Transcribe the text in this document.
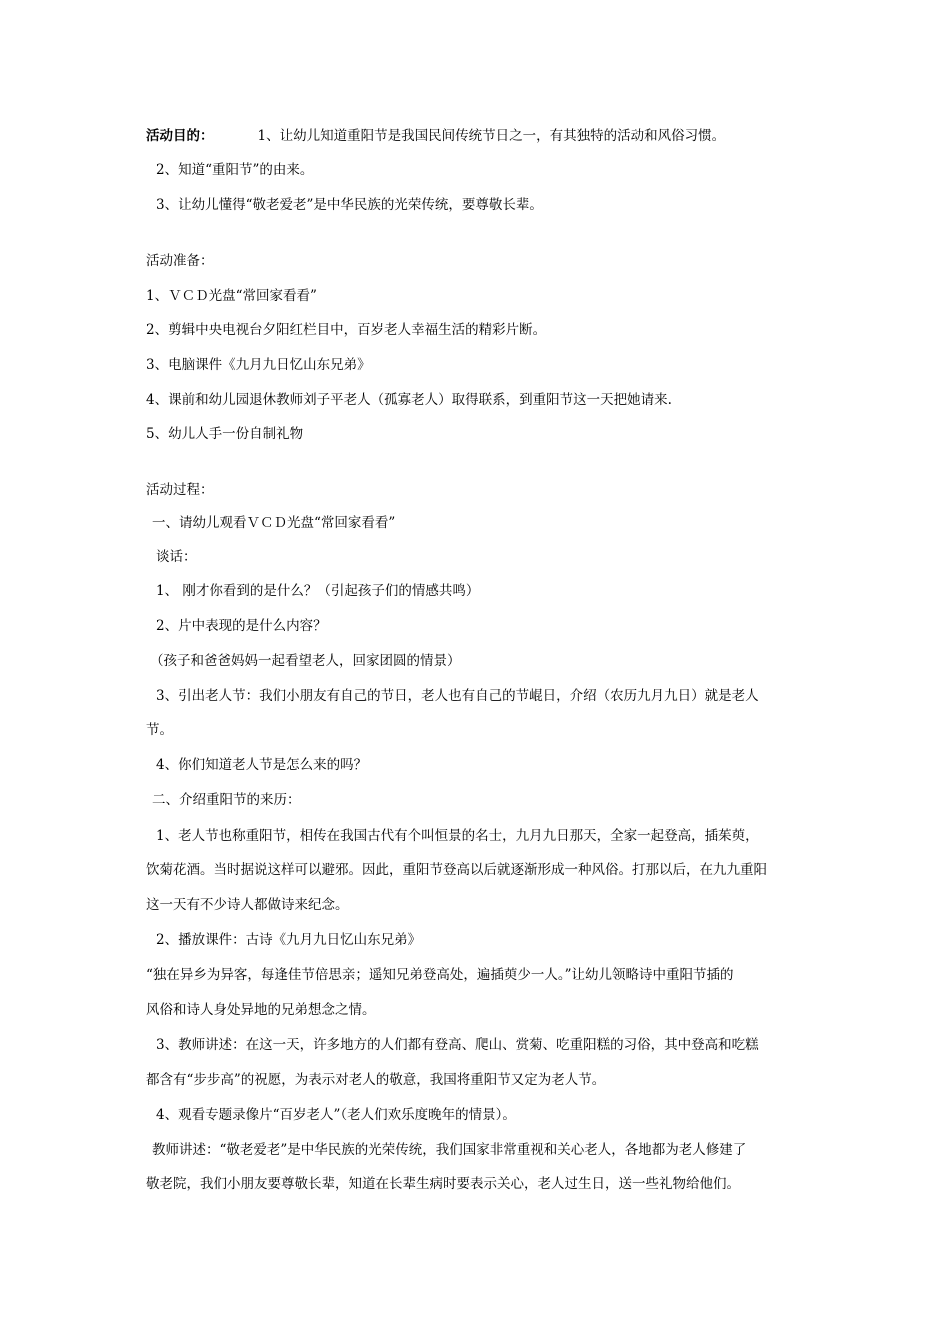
活动目的：	1、让幼儿知道重阳节是我国民间传统节日之一，有其独特的活动和风俗习惯。
2、知道“重阳节”的由来。
3、让幼儿懂得“敬老爱老”是中华民族的光荣传统，要尊敬长辈。
活动准备：
1、ＶＣＤ光盘“常回家看看”
2、剪辑中央电视台夕阳红栏目中，百岁老人幸福生活的精彩片断。
3、电脑课件《九月九日忆山东兄弟》
4、课前和幼儿园退休教师刘子平老人（孤寡老人）取得联系，到重阳节这一天把她请来.
5、幼儿人手一份自制礼物
活动过程：
一、请幼儿观看ＶＣＤ光盘“常回家看看”
谈话：
1、 刚才你看到的是什么？（引起孩子们的情感共鸣）
2、片中表现的是什么内容？
（孩子和爸爸妈妈一起看望老人，回家团圆的情景）
3、引出老人节：我们小朋友有自己的节日，老人也有自己的节崐日，介绍（农历九月九日）就是老人
节。
4、你们知道老人节是怎么来的吗？
二、介绍重阳节的来历：
1、老人节也称重阳节，相传在我国古代有个叫恒景的名士，九月九日那天，全家一起登高，插茱萸，
饮菊花酒。当时据说这样可以避邪。因此，重阳节登高以后就逐渐形成一种风俗。打那以后，在九九重阳
这一天有不少诗人都做诗来纪念。
2、播放课件：古诗《九月九日忆山东兄弟》
“独在异乡为异客，每逢佳节倍思亲；遥知兄弟登高处，遍插萸少一人。”让幼儿领略诗中重阳节插的
风俗和诗人身处异地的兄弟想念之情。
3、教师讲述：在这一天，许多地方的人们都有登高、爬山、赏菊、吃重阳糕的习俗，其中登高和吃糕
都含有“步步高”的祝愿，为表示对老人的敬意，我国将重阳节又定为老人节。
4、观看专题录像片“百岁老人”（老人们欢乐度晚年的情景）。
教师讲述：“敬老爱老”是中华民族的光荣传统，我们国家非常重视和关心老人，各地都为老人修建了
敬老院，我们小朋友要尊敬长辈，知道在长辈生病时要表示关心，老人过生日，送一些礼物给他们。
